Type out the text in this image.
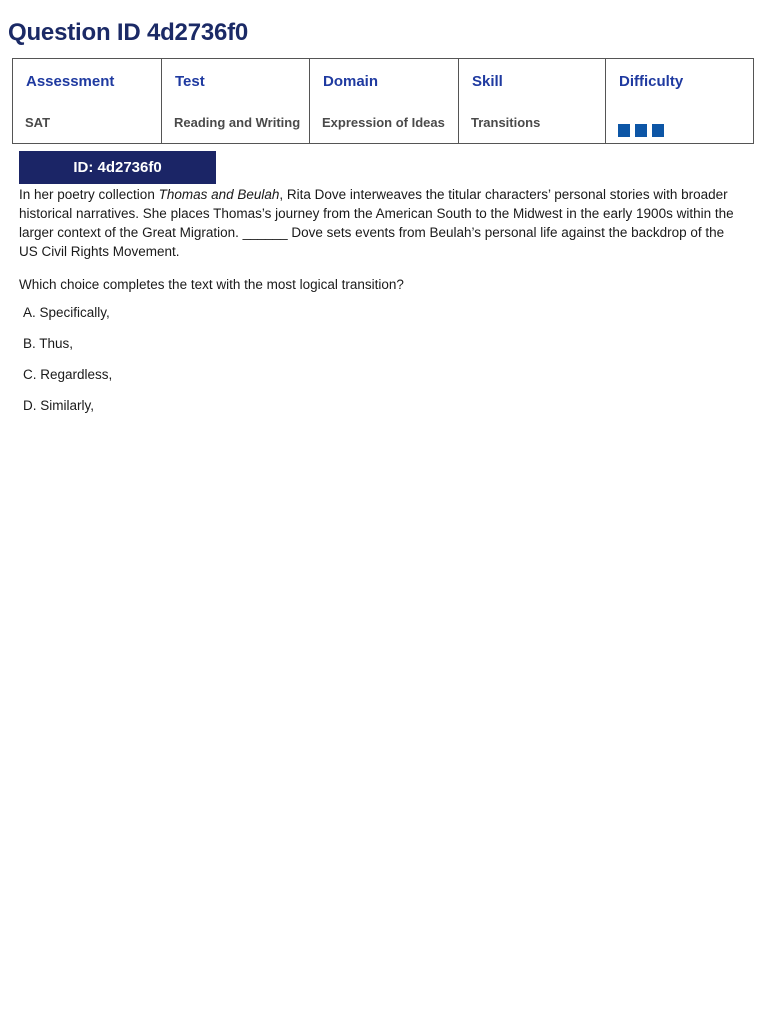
Question ID 4d2736f0
Assessment
SAT
Test
Reading and Writing
Domain
Expression of Ideas
Skill
Transitions
Difficulty
ID: 4d2736f0

In her poetry collection Thomas and Beulah, Rita Dove interweaves the titular characters’ personal stories with broader historical narratives. She places Thomas’s journey from the American South to the Midwest in the early 1900s within the larger context of the Great Migration. ______ Dove sets events from Beulah’s personal life against the backdrop of the US Civil Rights Movement.

Which choice completes the text with the most logical transition?

A. Specifically,
B. Thus,
C. Regardless,
D. Similarly,
